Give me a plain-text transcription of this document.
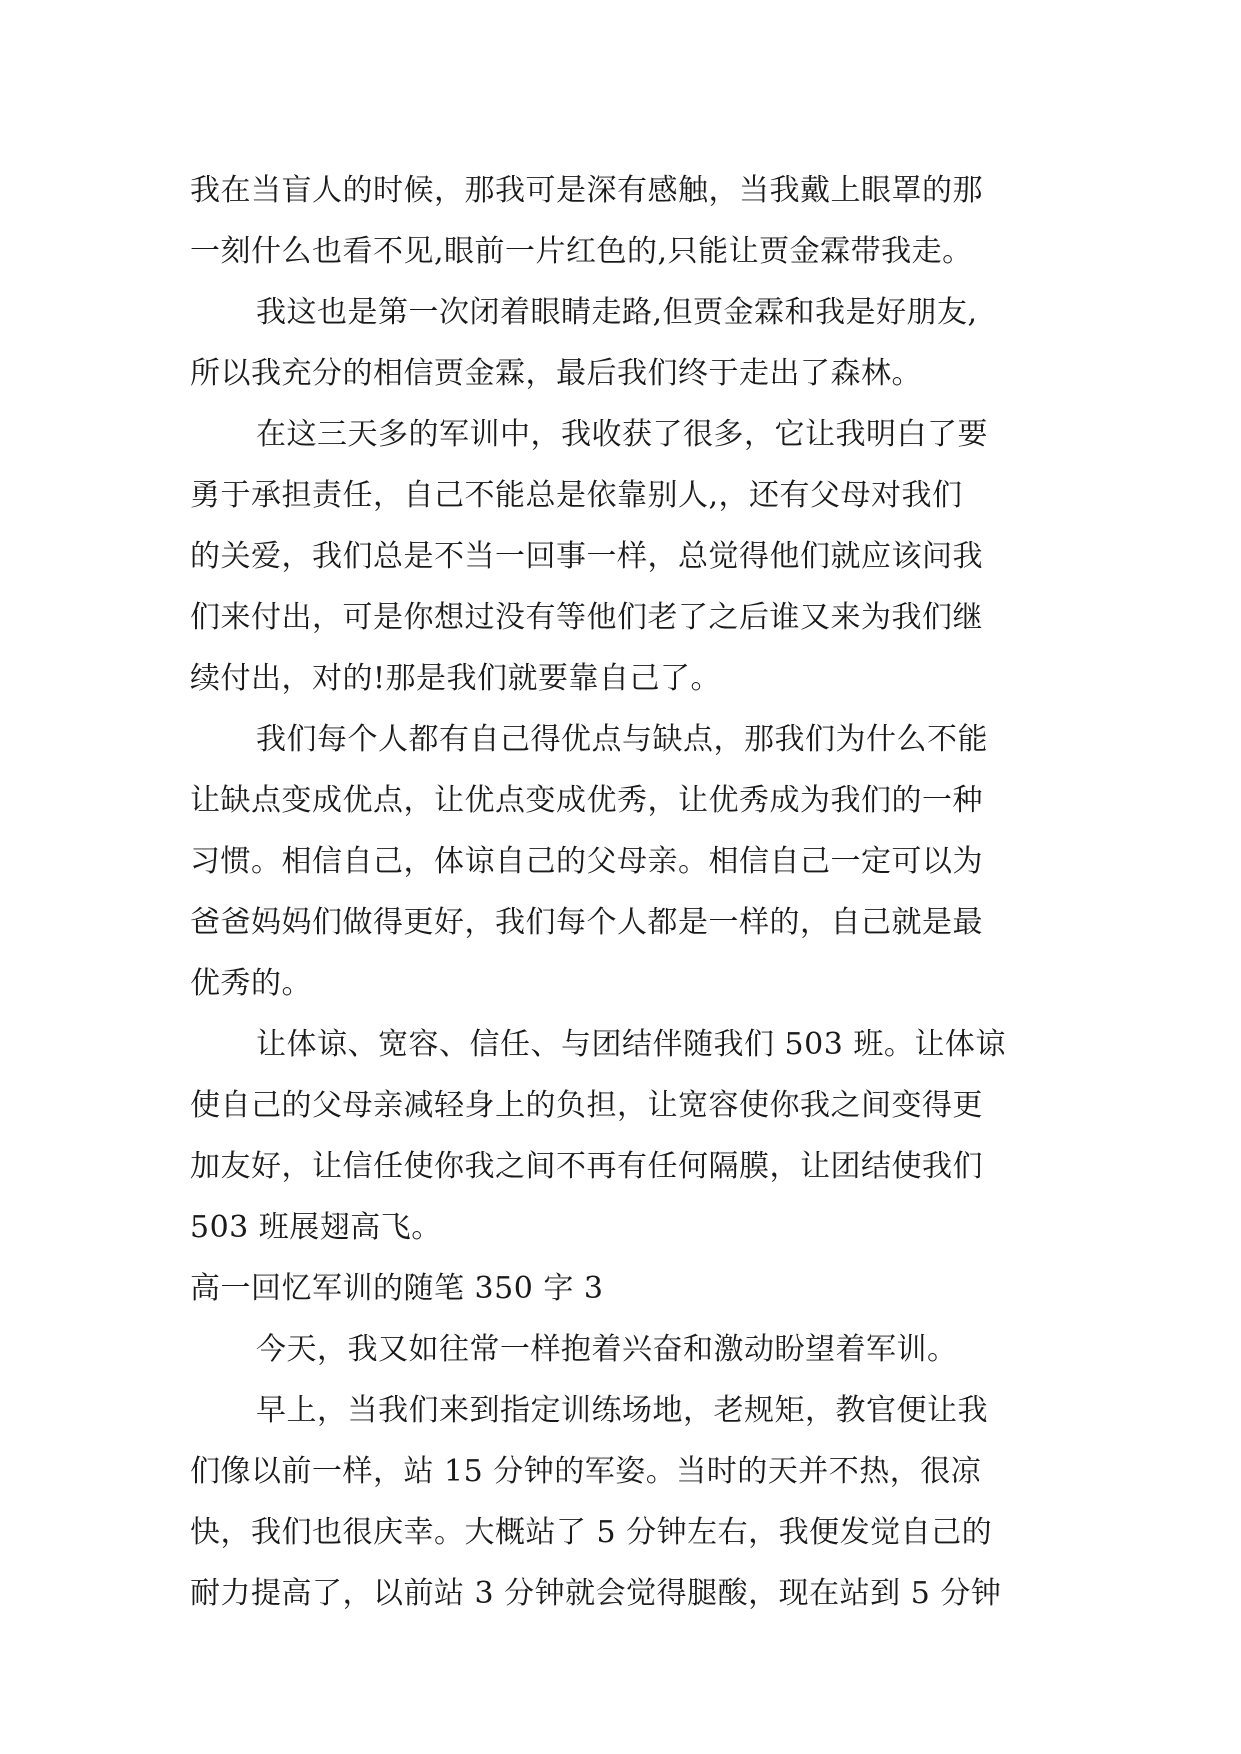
我在当盲人的时候，那我可是深有感触，当我戴上眼罩的那
一刻什么也看不见,眼前一片红色的,只能让贾金霖带我走。
我这也是第一次闭着眼睛走路,但贾金霖和我是好朋友,
所以我充分的相信贾金霖，最后我们终于走出了森林。
在这三天多的军训中，我收获了很多，它让我明白了要
勇于承担责任，自己不能总是依靠别人,，还有父母对我们
的关爱，我们总是不当一回事一样，总觉得他们就应该问我
们来付出，可是你想过没有等他们老了之后谁又来为我们继
续付出，对的!那是我们就要靠自己了。
我们每个人都有自己得优点与缺点，那我们为什么不能
让缺点变成优点，让优点变成优秀，让优秀成为我们的一种
习惯。相信自己，体谅自己的父母亲。相信自己一定可以为
爸爸妈妈们做得更好，我们每个人都是一样的，自己就是最
优秀的。
让体谅、宽容、信任、与团结伴随我们 503 班。让体谅
使自己的父母亲减轻身上的负担，让宽容使你我之间变得更
加友好，让信任使你我之间不再有任何隔膜，让团结使我们
503 班展翅高飞。
高一回忆军训的随笔 350 字 3
今天，我又如往常一样抱着兴奋和激动盼望着军训。
早上，当我们来到指定训练场地，老规矩，教官便让我
们像以前一样，站 15 分钟的军姿。当时的天并不热，很凉
快，我们也很庆幸。大概站了 5 分钟左右，我便发觉自己的
耐力提高了，以前站 3 分钟就会觉得腿酸，现在站到 5 分钟
